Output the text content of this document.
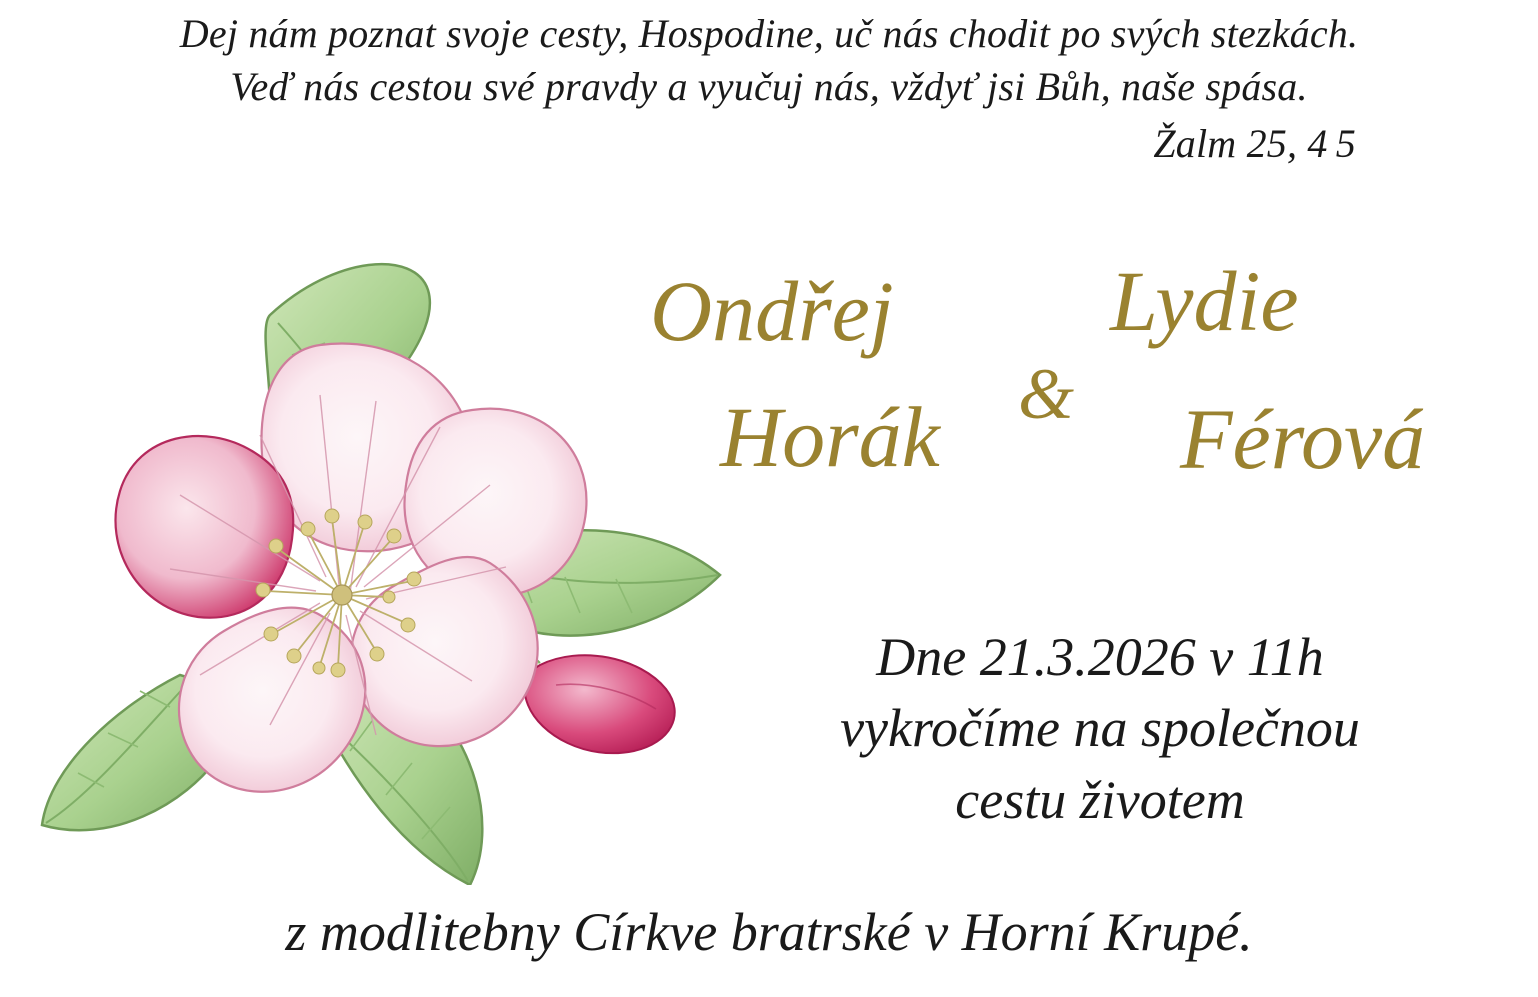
Dej nám poznat svoje cesty, Hospodine, uč nás chodit po svých stezkách.
Veď nás cestou své pravdy a vyučuj nás, vždyť jsi Bůh, naše spása.
Žalm 25, 4 5
Ondřej
Horák &
Lydie
Férová
Dne 21.3.2026 v 11h
vykročíme na společnou
cestu životem
z modlitebny Církve bratrské v Horní Krupé.
